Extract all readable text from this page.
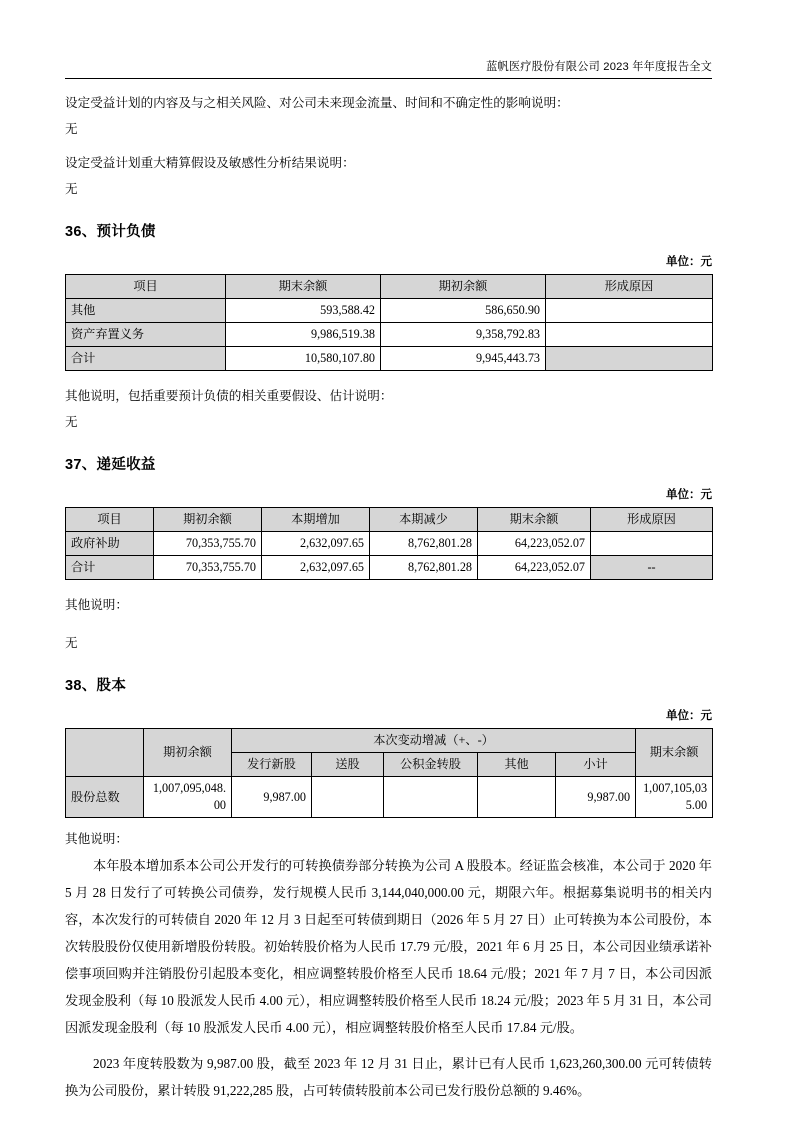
蓝帆医疗股份有限公司 2023 年年度报告全文

设定受益计划的内容及与之相关风险、对公司未来现金流量、时间和不确定性的影响说明：

无

设定受益计划重大精算假设及敏感性分析结果说明：

无

36、预计负债
单位：元
项目	期末余额	期初余额	形成原因
其他	593,588.42	586,650.90	
资产弃置义务	9,986,519.38	9,358,792.83	
合计	10,580,107.80	9,945,443.73	

其他说明，包括重要预计负债的相关重要假设、估计说明：

无

37、递延收益
单位：元
项目	期初余额	本期增加	本期减少	期末余额	形成原因
政府补助	70,353,755.70	2,632,097.65	8,762,801.28	64,223,052.07	
合计	70,353,755.70	2,632,097.65	8,762,801.28	64,223,052.07	--

其他说明：

无

38、股本
单位：元
	期初余额	本次变动增减（+、-）					期末余额
		发行新股	送股	公积金转股	其他	小计	
股份总数	1,007,095,048.00	9,987.00				9,987.00	1,007,105,035.00

其他说明：

本年股本增加系本公司公开发行的可转换债券部分转换为公司 A 股股本。经证监会核准，本公司于 2020 年 5 月 28 日发行了可转换公司债券，发行规模人民币 3,144,040,000.00 元，期限六年。根据募集说明书的相关内容，本次发行的可转债自 2020 年 12 月 3 日起至可转债到期日（2026 年 5 月 27 日）止可转换为本公司股份，本次转股股份仅使用新增股份转股。初始转股价格为人民币 17.79 元/股，2021 年 6 月 25 日，本公司因业绩承诺补偿事项回购并注销股份引起股本变化，相应调整转股价格至人民币 18.64 元/股；2021 年 7 月 7 日，本公司因派发现金股利（每 10 股派发人民币 4.00 元），相应调整转股价格至人民币 18.24 元/股；2023 年 5 月 31 日，本公司因派发现金股利（每 10 股派发人民币 4.00 元），相应调整转股价格至人民币 17.84 元/股。

2023 年度转股数为 9,987.00 股，截至 2023 年 12 月 31 日止，累计已有人民币 1,623,260,300.00 元可转债转换为公司股份，累计转股 91,222,285 股，占可转债转股前本公司已发行股份总额的 9.46%。
